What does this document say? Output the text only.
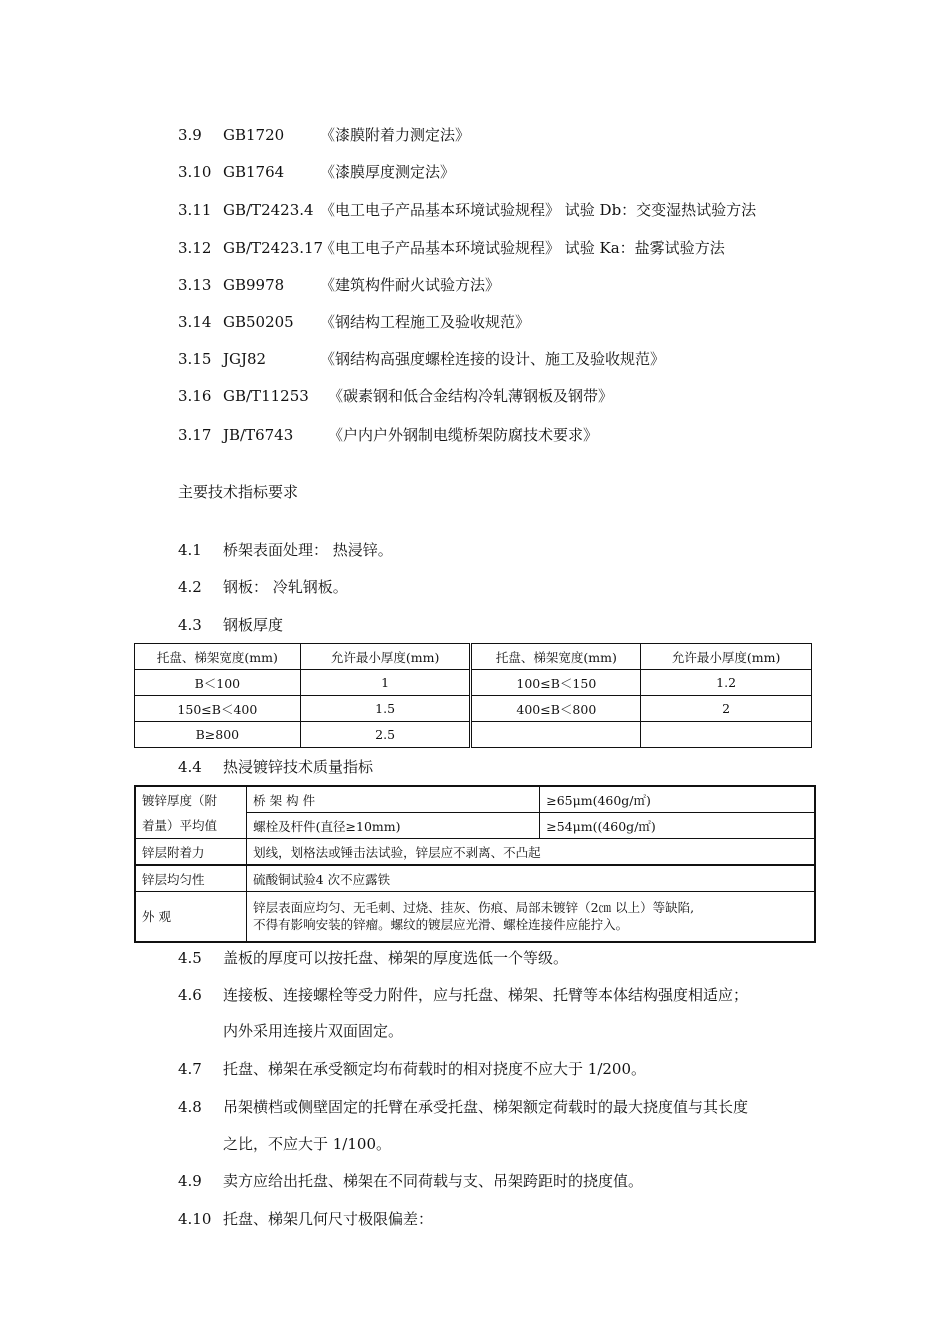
3.9 GB1720 《漆膜附着力测定法》
3.10 GB1764 《漆膜厚度测定法》
3.11 GB/T2423.4 《电工电子产品基本环境试验规程》 试验 Db：交变湿热试验方法
3.12 GB/T2423.17
《电工电子产品基本环境试验规程》 试验 Ka：盐雾试验方法
3.13 GB9978 《建筑构件耐火试验方法》
3.14 GB50205 《钢结构工程施工及验收规范》
3.15 JGJ82	《钢结构高强度螺栓连接的设计、施工及验收规范》
3.16 GB/T11253 《碳素钢和低合金结构冷轧薄钢板及钢带》
3.17 JB/T6743 《户内户外钢制电缆桥架防腐技术要求》
主要技术指标要求
4.1 桥架表面处理： 热浸锌。
4.2 钢板： 冷轧钢板。
4.3 钢板厚度
托盘、梯架宽度(mm)	允许最小厚度(mm)	托盘、梯架宽度(mm)	允许最小厚度(mm)
B＜100	1	100≤B＜150	1.2
150≤B＜400	1.5	400≤B＜800	2
B≥800	2.5		
4.4 热浸镀锌技术质量指标
镀锌厚度（附	桥 架 构 件	≥65μm(460g/㎡)
着量）平均值	螺栓及杆件(直径≥10mm)	≥54μm((460g/㎡)
锌层附着力	划线，划格法或锤击法试验，锌层应不剥离、不凸起	
锌层均匀性	硫酸铜试验4 次不应露铁	
外 观	锌层表面应均匀、无毛刺、过烧、挂灰、伤痕、局部未镀锌（2㎝ 以上）等缺陷,
不得有影响安装的锌瘤。螺纹的镀层应光滑、螺栓连接件应能拧入。	
4.5 盖板的厚度可以按托盘、梯架的厚度选低一个等级。
4.6 连接板、连接螺栓等受力附件，应与托盘、梯架、托臂等本体结构强度相适应；
内外采用连接片双面固定。
4.7 托盘、梯架在承受额定均布荷载时的相对挠度不应大于 1/200。
4.8 吊架横档或侧壁固定的托臂在承受托盘、梯架额定荷载时的最大挠度值与其长度
之比，不应大于 1/100。
4.9 卖方应给出托盘、梯架在不同荷载与支、吊架跨距时的挠度值。
4.10 托盘、梯架几何尺寸极限偏差：
